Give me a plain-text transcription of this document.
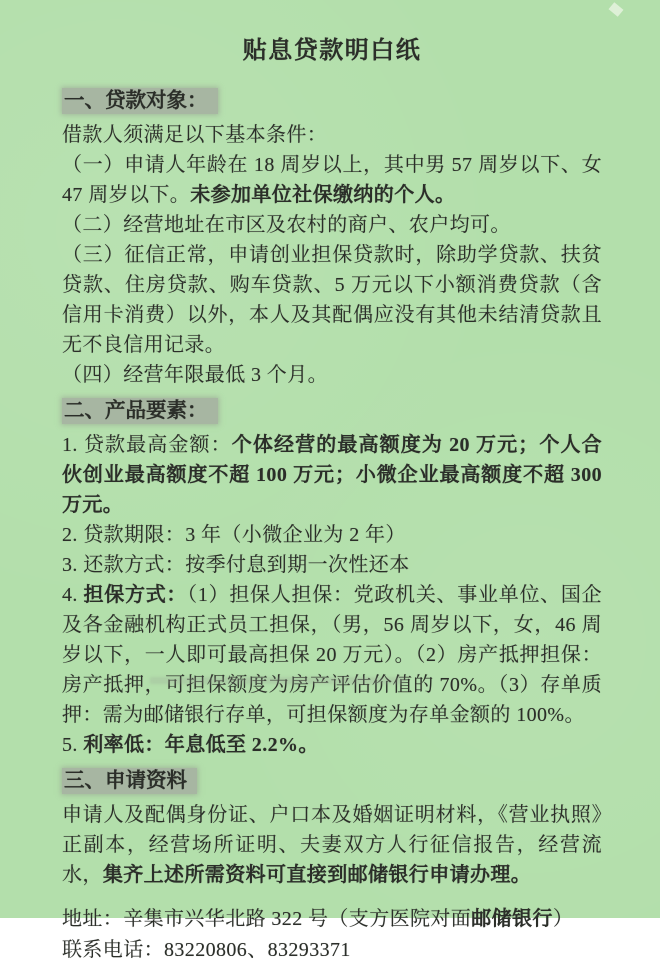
贴息贷款明白纸

一、贷款对象：

借款人须满足以下基本条件：

（一）申请人年龄在 18 周岁以上，其中男 57 周岁以下、女 47 周岁以下。未参加单位社保缴纳的个人。

（二）经营地址在市区及农村的商户、农户均可。

（三）征信正常，申请创业担保贷款时，除助学贷款、扶贫贷款、住房贷款、购车贷款、5 万元以下小额消费贷款（含信用卡消费）以外，本人及其配偶应没有其他未结清贷款且无不良信用记录。

（四）经营年限最低 3 个月。

二、产品要素：

1. 贷款最高金额：个体经营的最高额度为 20 万元；个人合伙创业最高额度不超 100 万元；小微企业最高额度不超 300 万元。

2. 贷款期限：3 年（小微企业为 2 年）

3. 还款方式：按季付息到期一次性还本

4. 担保方式：（1）担保人担保：党政机关、事业单位、国企及各金融机构正式员工担保，（男，56 周岁以下，女，46 周岁以下，一人即可最高担保 20 万元）。（2）房产抵押担保：房产抵押，可担保额度为房产评估价值的 70%。（3）存单质押：需为邮储银行存单，可担保额度为存单金额的 100%。

5. 利率低：年息低至 2.2%。

三、申请资料

申请人及配偶身份证、户口本及婚姻证明材料，《营业执照》正副本，经营场所证明、夫妻双方人行征信报告，经营流水，集齐上述所需资料可直接到邮储银行申请办理。

地址：辛集市兴华北路 322 号（支方医院对面邮储银行）

联系电话：83220806、83293371
